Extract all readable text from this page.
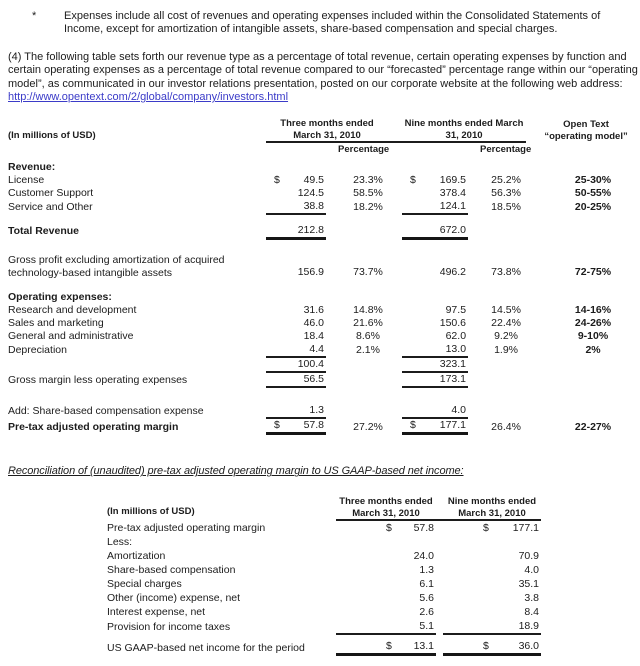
*	Expenses include all cost of revenues and operating expenses included within the Consolidated Statements of Income, except for amortization of intangible assets, share-based compensation and special charges.
(4) The following table sets forth our revenue type as a percentage of total revenue, certain operating expenses by function and certain operating expenses as a percentage of total revenue compared to our “forecasted” percentage range within our “operating model”, as communicated in our investor relations presentation, posted on our corporate website at the following web address: http://www.opentext.com/2/global/company/investors.html
(In millions of USD)	Three months ended March 31, 2010				Nine months ended March 31, 2010				Open Text “operating model”	

		Percentage				Percentage				

Revenue:										
License	$ 49.5		23.3%		$ 169.5		25.2%		25-30%	
Customer Support	124.5		58.5%		378.4		56.3%		50-55%	
Service and Other	38.8		18.2%		124.1		18.5%		20-25%	

Total Revenue	212.8				672.0					

Gross profit excluding amortization of acquired technology-based intangible assets	156.9		73.7%		496.2		73.8%		72-75%	

Operating expenses:										
Research and development	31.6		14.8%		97.5		14.5%		14-16%	
Sales and marketing	46.0		21.6%		150.6		22.4%		24-26%	
General and administrative	18.4		8.6%		62.0		9.2%		9-10%	
Depreciation	4.4		2.1%		13.0		1.9%		2%	

	100.4				323.1					

Gross margin less operating expenses	56.5				173.1					

Add: Share-based compensation expense	1.3				4.0					

Pre-tax adjusted operating margin	$ 57.8		27.2%		$ 177.1		26.4%		22-27%	
Reconciliation of (unaudited) pre-tax adjusted operating margin to US GAAP-based net income:
(In millions of USD)	Three months ended March 31, 2010		Nine months ended March 31, 2010
Pre-tax adjusted operating margin	$ 57.8		$ 177.1

Less:			
Amortization	24.0		70.9

Share-based compensation	1.3		4.0

Special charges	6.1		35.1

Other (income) expense, net	5.6		3.8

Interest expense, net	2.6		8.4

Provision for income taxes	5.1		18.9

US GAAP-based net income for the period	$ 13.1		$ 36.0
